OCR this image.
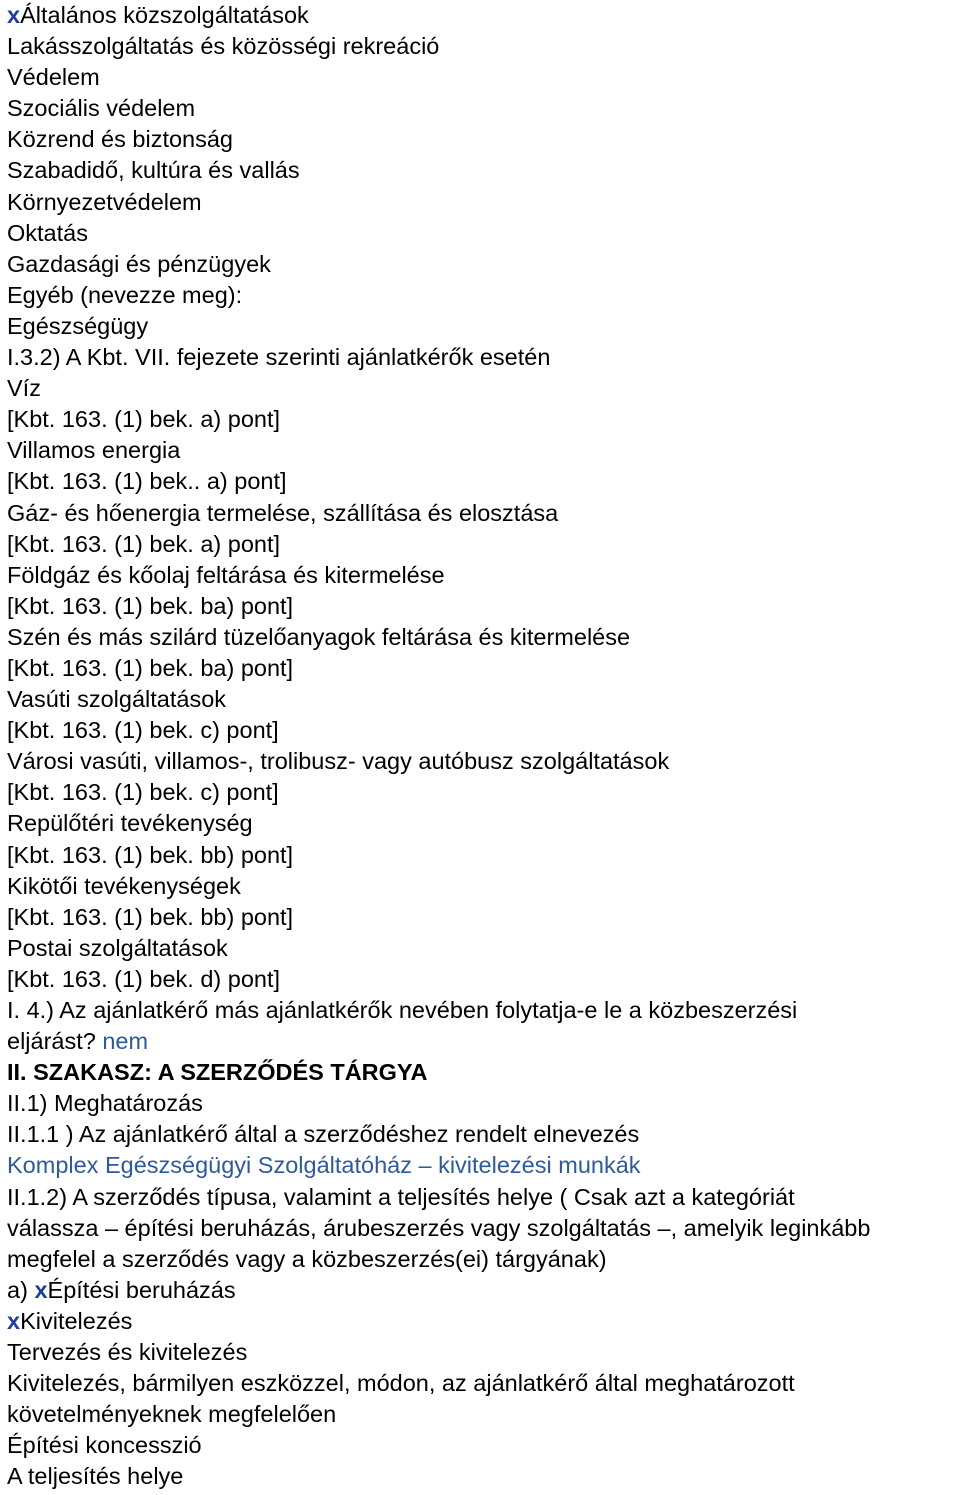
xÁltalános közszolgáltatások
Lakásszolgáltatás és közösségi rekreáció
Védelem
Szociális védelem
Közrend és biztonság
Szabadidő, kultúra és vallás
Környezetvédelem
Oktatás
Gazdasági és pénzügyek
Egyéb (nevezze meg):
Egészségügy
I.3.2) A Kbt. VII. fejezete szerinti ajánlatkérők esetén
Víz
[Kbt. 163. (1) bek. a) pont]
Villamos energia
[Kbt. 163. (1) bek.. a) pont]
Gáz- és hőenergia termelése, szállítása és elosztása
[Kbt. 163. (1) bek. a) pont]
Földgáz és kőolaj feltárása és kitermelése
[Kbt. 163. (1) bek. ba) pont]
Szén és más szilárd tüzelőanyagok feltárása és kitermelése
[Kbt. 163. (1) bek. ba) pont]
Vasúti szolgáltatások
[Kbt. 163. (1) bek. c) pont]
Városi vasúti, villamos-, trolibusz- vagy autóbusz szolgáltatások
[Kbt. 163. (1) bek. c) pont]
Repülőtéri tevékenység
[Kbt. 163. (1) bek. bb) pont]
Kikötői tevékenységek
[Kbt. 163. (1) bek. bb) pont]
Postai szolgáltatások
[Kbt. 163. (1) bek. d) pont]
I. 4.) Az ajánlatkérő más ajánlatkérők nevében folytatja-e le a közbeszerzési
eljárást? nem
II. SZAKASZ: A SZERZŐDÉS TÁRGYA
II.1) Meghatározás
II.1.1 ) Az ajánlatkérő által a szerződéshez rendelt elnevezés
Komplex Egészségügyi Szolgáltatóház – kivitelezési munkák
II.1.2) A szerződés típusa, valamint a teljesítés helye ( Csak azt a kategóriát
válassza – építési beruházás, árubeszerzés vagy szolgáltatás –, amelyik leginkább
megfelel a szerződés vagy a közbeszerzés(ei) tárgyának)
a) xÉpítési beruházás
xKivitelezés
Tervezés és kivitelezés
Kivitelezés, bármilyen eszközzel, módon, az ajánlatkérő által meghatározott
követelményeknek megfelelően
Építési koncesszió
A teljesítés helye
